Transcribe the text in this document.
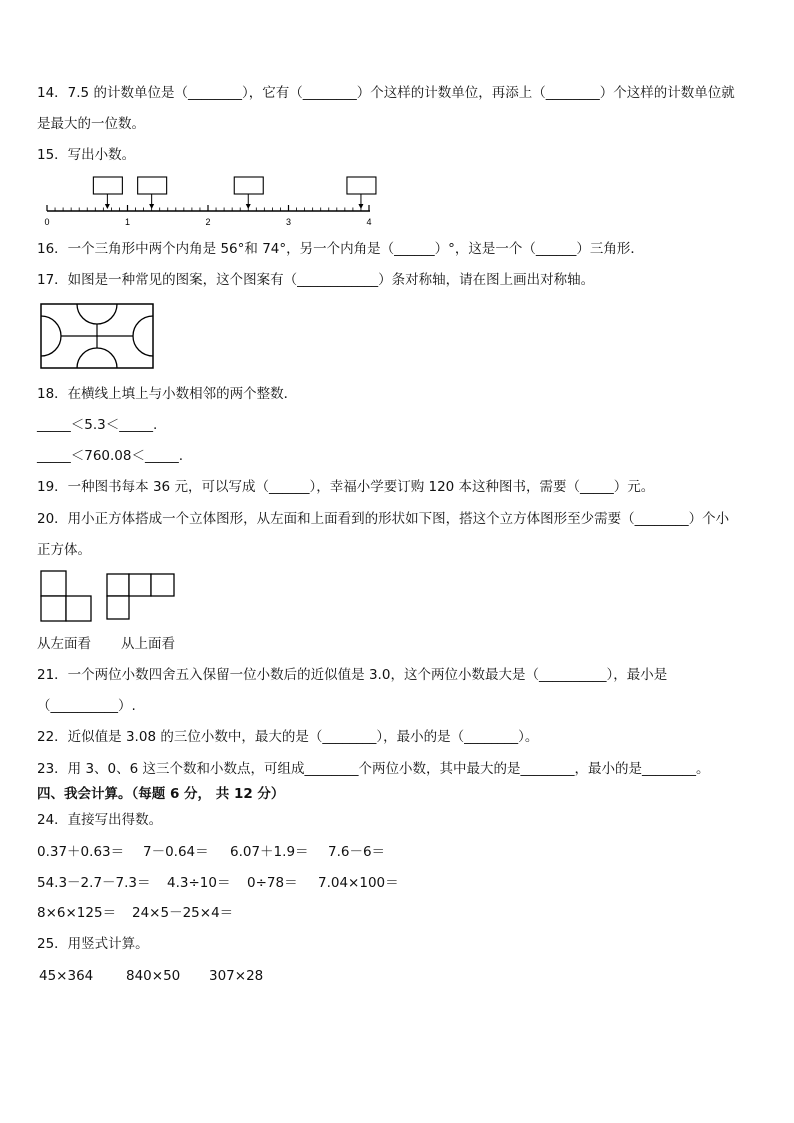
14．7.5 的计数单位是（________），它有（________）个这样的计数单位，再添上（________）个这样的计数单位就
是最大的一位数。
15．写出小数。
0	1	2	3	4
16．一个三角形中两个内角是 56°和 74°，另一个内角是（______）°，这是一个（______）三角形．
17．如图是一种常见的图案，这个图案有（____________）条对称轴，请在图上画出对称轴。
18．在横线上填上与小数相邻的两个整数．
_____＜5.3＜_____.
_____＜760.08＜_____.
19．一种图书每本 36 元，可以写成（______），幸福小学要订购 120 本这种图书，需要（_____）元。
20．用小正方体搭成一个立体图形，从左面和上面看到的形状如下图，搭这个立方体图形至少需要（________）个小
正方体。
从左面看 从上面看
21．一个两位小数四舍五入保留一位小数后的近似值是 3.0，这个两位小数最大是（__________），最小是
（__________）.
22．近似值是 3.08 的三位小数中，最大的是（________），最小的是（________）。
23．用 3、0、6 这三个数和小数点，可组成________个两位小数，其中最大的是________，最小的是________。
四、我会计算。（每题 6 分， 共 12 分）
24．直接写出得数。
0.37＋0.63＝ 7－0.64＝ 6.07＋1.9＝ 7.6－6＝
54.3－2.7－7.3＝ 4.3÷10＝ 0÷78＝ 7.04×100＝
8×6×125＝ 24×5－25×4＝
25．用竖式计算。
45×364 840×50 307×28
